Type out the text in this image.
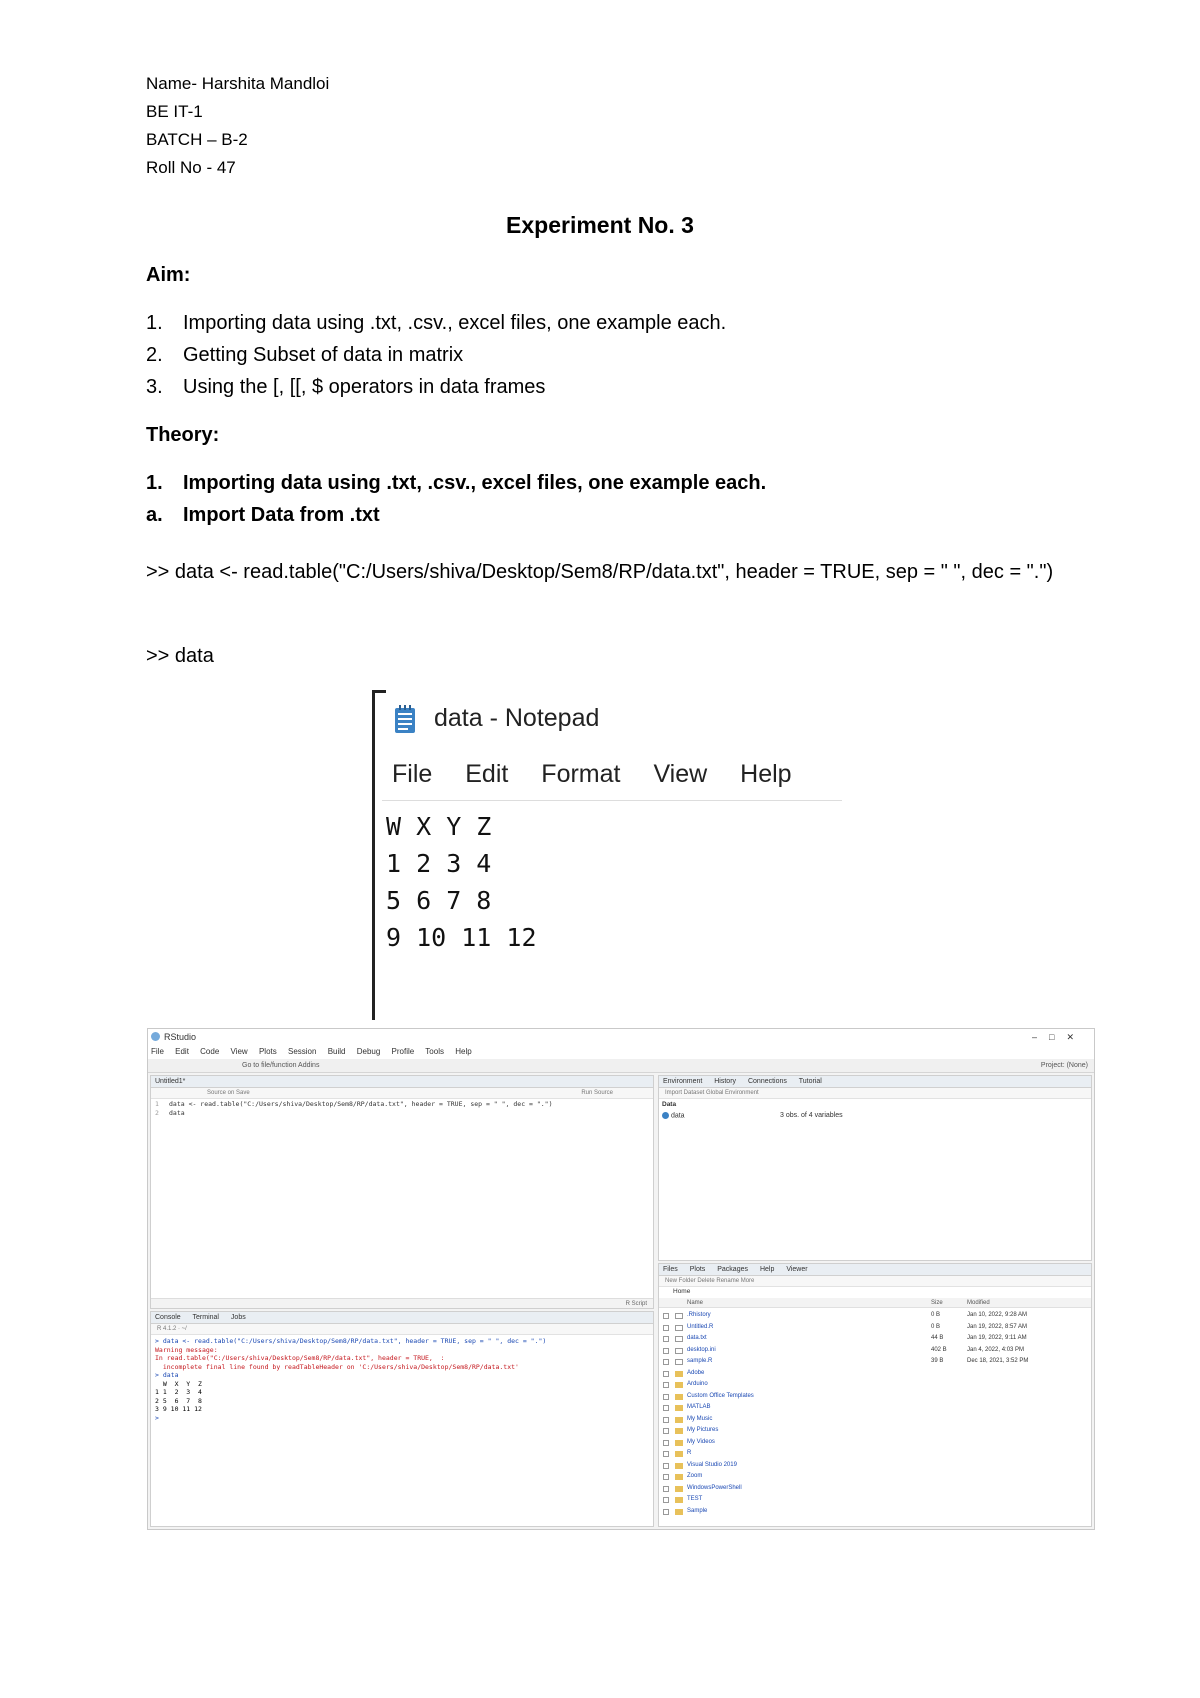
Name- Harshita Mandloi
BE IT-1
BATCH – B-2
Roll No - 47
Experiment No. 3
Aim:
1. Importing data using .txt, .csv., excel files, one example each.
2. Getting Subset of data in matrix
3. Using the [, [[, $ operators in data frames
Theory:
1. Importing data using .txt, .csv., excel files, one example each.
a. Import Data from .txt
>> data <- read.table("C:/Users/shiva/Desktop/Sem8/RP/data.txt", header = TRUE, sep = " ", dec = ".")
>> data
data - Notepad
File Edit Format View Help
W X Y Z
1 2 3 4
5 6 7 8
9 10 11 12
RStudio	–□✕
File Edit Code View Plots Session Build Debug Profile Tools Help
Go to file/function Addins	Project: (None)
Untitled1*
Source on Save	Run Source
1
2
data <- read.table("C:/Users/shiva/Desktop/Sem8/RP/data.txt", header = TRUE, sep = " ", dec = ".")
data
R Script
Console Terminal Jobs
R 4.1.2 · ~/
> data <- read.table("C:/Users/shiva/Desktop/Sem8/RP/data.txt", header = TRUE, sep = " ", dec = ".")
Warning message:
In read.table("C:/Users/shiva/Desktop/Sem8/RP/data.txt", header = TRUE,  :
incomplete final line found by readTableHeader on 'C:/Users/shiva/Desktop/Sem8/RP/data.txt'
> data
W  X  Y  Z
1 1  2  3  4
2 5  6  7  8
3 9 10 11 12
>
Environment History Connections Tutorial
Import Dataset Global Environment
Data
data	3 obs. of 4 variables
Files Plots Packages Help Viewer
New Folder Delete Rename More
Home
Name	Size	Modified
.Rhistory	0 B	Jan 10, 2022, 9:28 AM
Untitled.R	0 B	Jan 19, 2022, 8:57 AM
data.txt	44 B	Jan 19, 2022, 9:11 AM
desktop.ini	402 B	Jan 4, 2022, 4:03 PM
sample.R	39 B	Dec 18, 2021, 3:52 PM
Adobe
Arduino
Custom Office Templates
MATLAB
My Music
My Pictures
My Videos
R
Visual Studio 2019
Zoom
WindowsPowerShell
TEST
Sample
